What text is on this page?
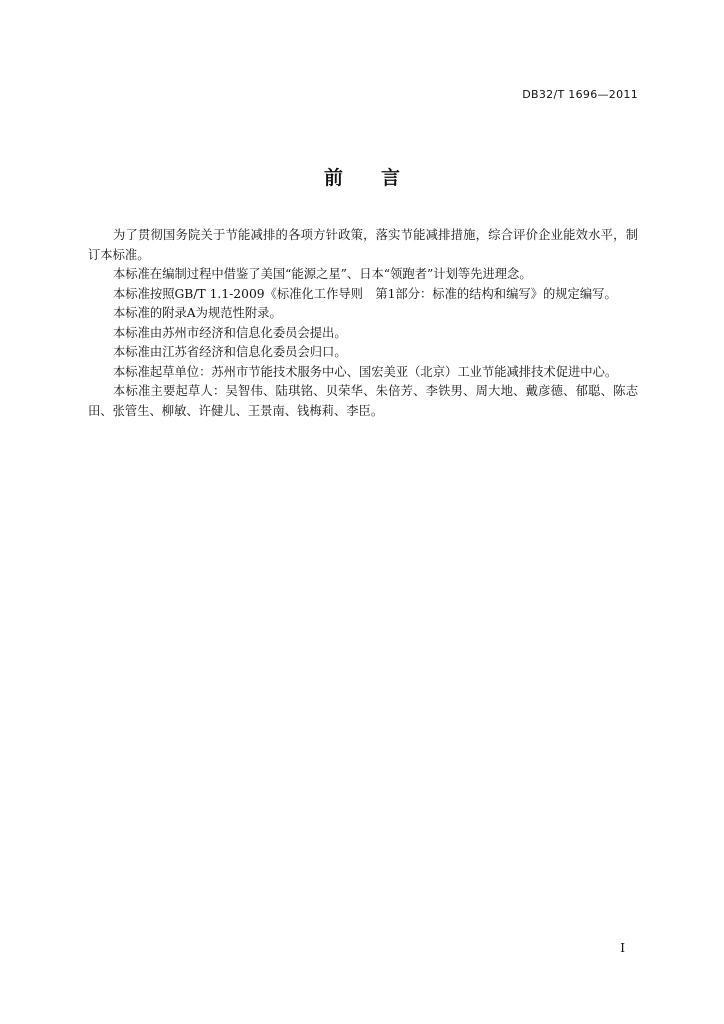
DB32/T 1696—2011
前言

为了贯彻国务院关于节能减排的各项方针政策，落实节能减排措施，综合评价企业能效水平，制订本标准。

本标准在编制过程中借鉴了美国“能源之星”、日本“领跑者”计划等先进理念。

本标准按照GB/T 1.1-2009《标准化工作导则　第1部分：标准的结构和编写》的规定编写。

本标准的附录A为规范性附录。

本标准由苏州市经济和信息化委员会提出。

本标准由江苏省经济和信息化委员会归口。

本标准起草单位：苏州市节能技术服务中心、国宏美亚（北京）工业节能减排技术促进中心。

本标准主要起草人：吴智伟、陆琪铭、贝荣华、朱倍芳、李铁男、周大地、戴彦德、郁聪、陈志田、张管生、柳敏、许健儿、王景南、钱梅莉、李臣。

I
